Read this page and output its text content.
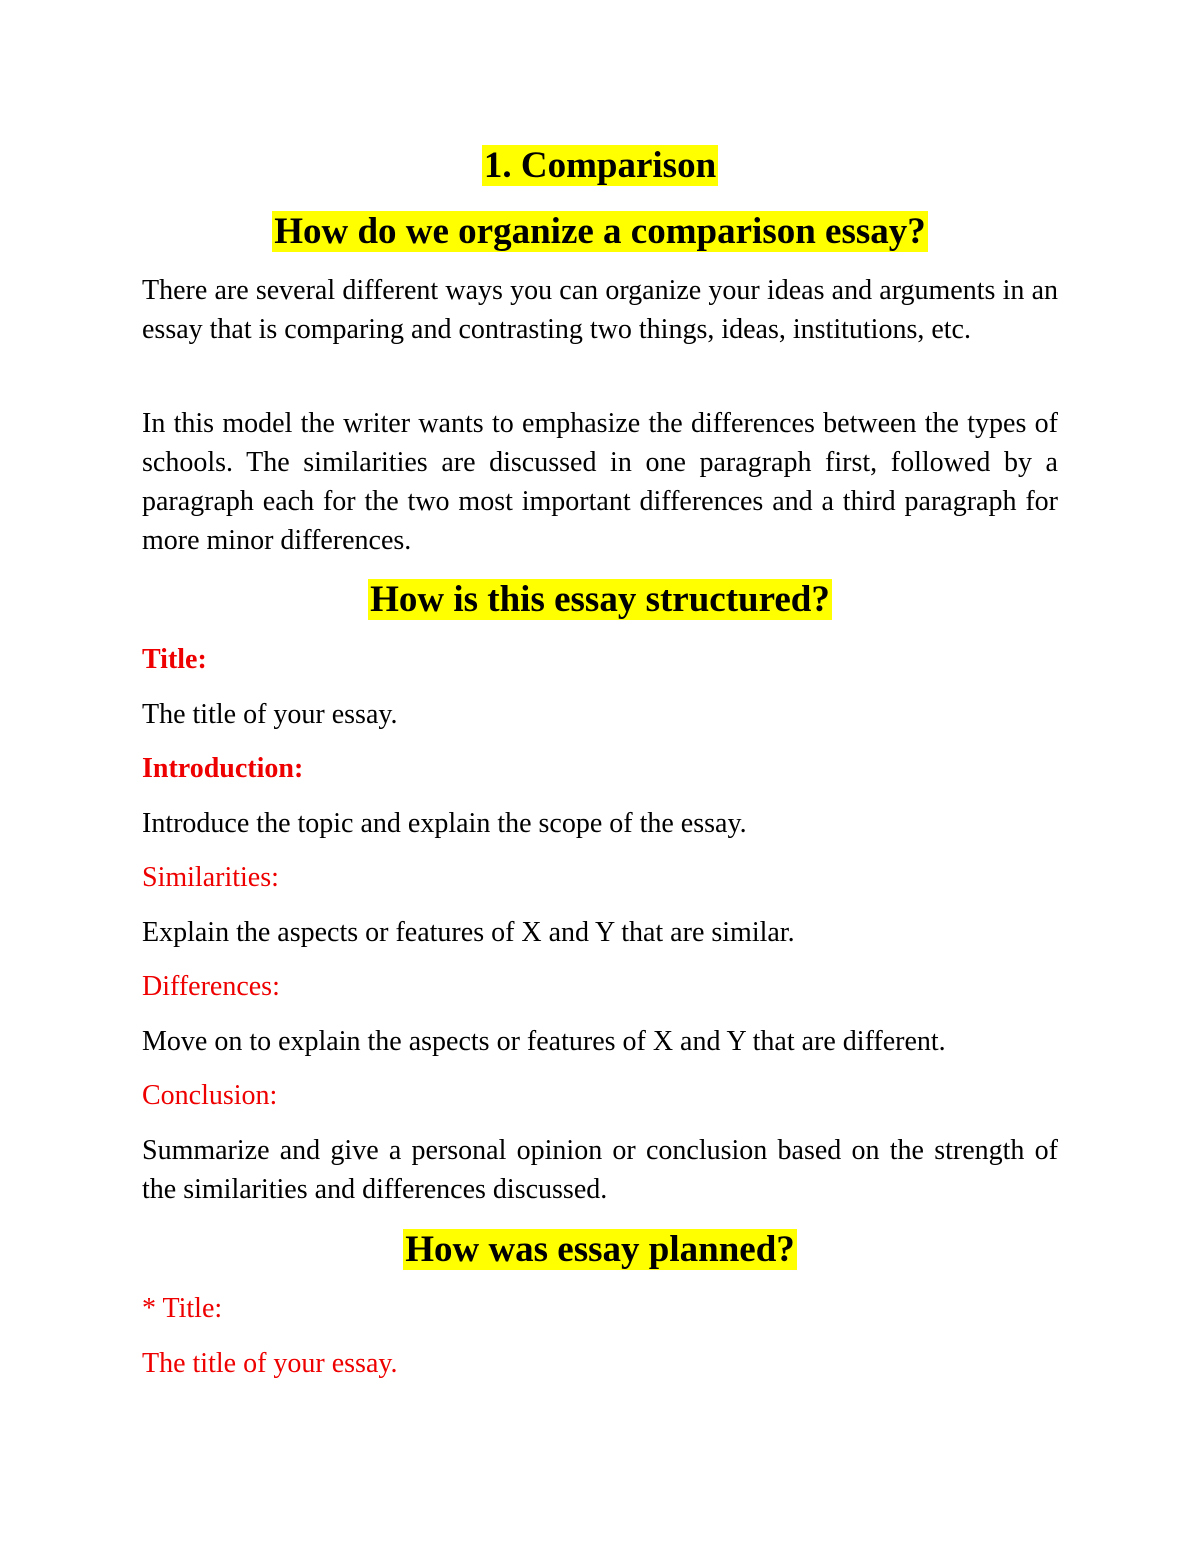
1. Comparison
How do we organize a comparison essay?

There are several different ways you can organize your ideas and arguments in an essay that is comparing and contrasting two things, ideas, institutions, etc.

In this model the writer wants to emphasize the differences between the types of schools. The similarities are discussed in one paragraph first, followed by a paragraph each for the two most important differences and a third paragraph for more minor differences.

How is this essay structured?

Title:

The title of your essay.

Introduction:

Introduce the topic and explain the scope of the essay.

Similarities:

Explain the aspects or features of X and Y that are similar.

Differences:

Move on to explain the aspects or features of X and Y that are different.

Conclusion:

Summarize and give a personal opinion or conclusion based on the strength of the similarities and differences discussed.

How was essay planned?

* Title:

The title of your essay.
